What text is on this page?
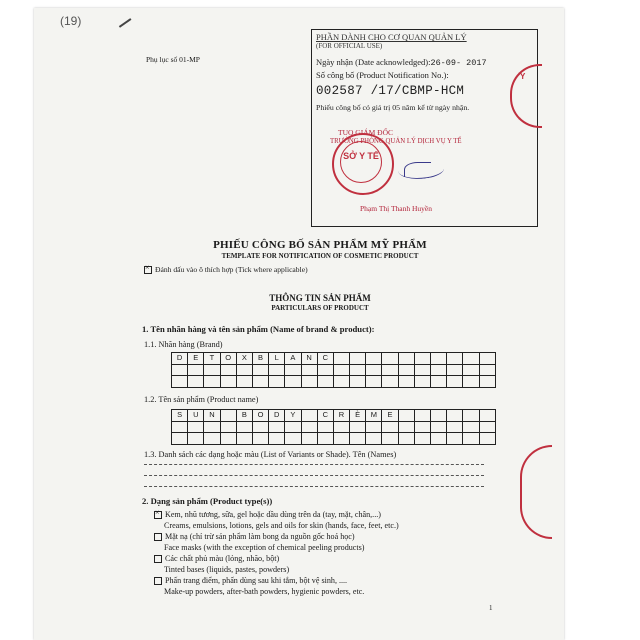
(19)
Phụ lục số 01-MP
PHẦN DÀNH CHO CƠ QUAN QUẢN LÝ
(FOR OFFICIAL USE)
Ngày nhận (Date acknowledged):26-09- 2017
Số công bố (Product Notification No.):
002587 /17/CBMP-HCM
Phiếu công bố có giá trị 05 năm kể từ ngày nhận.
TUQ.GIÁM ĐỐC
TRƯỞNG PHÒNG QUẢN LÝ DỊCH VỤ Y TẾ
SỞ Y TẾ
Phạm Thị Thanh Huyền
Y
PHIẾU CÔNG BỐ SẢN PHẨM MỸ PHẨM
TEMPLATE FOR NOTIFICATION OF COSMETIC PRODUCT
×Đánh dấu vào ô thích hợp (Tick where applicable)
THÔNG TIN SẢN PHẨM
PARTICULARS OF PRODUCT
1. Tên nhãn hàng và tên sản phẩm (Name of brand & product):
1.1. Nhãn hàng (Brand)
D	E	T	O	X	B	L	A	N	C
1.2. Tên sản phẩm (Product name)
S	U	N	B	O	D	Y	C	R	È	M	E
1.3. Danh sách các dạng hoặc màu (List of Variants or Shade). Tên (Names)
2. Dạng sản phẩm (Product type(s))
×Kem, nhũ tương, sữa, gel hoặc dầu dùng trên da (tay, mặt, chân,...)
Creams, emulsions, lotions, gels and oils for skin (hands, face, feet, etc.)
Mặt nạ (chỉ trừ sản phẩm làm bong da nguồn gốc hoá học)
Face masks (with the exception of chemical peeling products)
Các chất phủ màu (lỏng, nhão, bột)
Tinted bases (liquids, pastes, powders)
Phấn trang điểm, phấn dùng sau khi tắm, bột vệ sinh, ....
Make-up powders, after-bath powders, hygienic powders, etc.
1
